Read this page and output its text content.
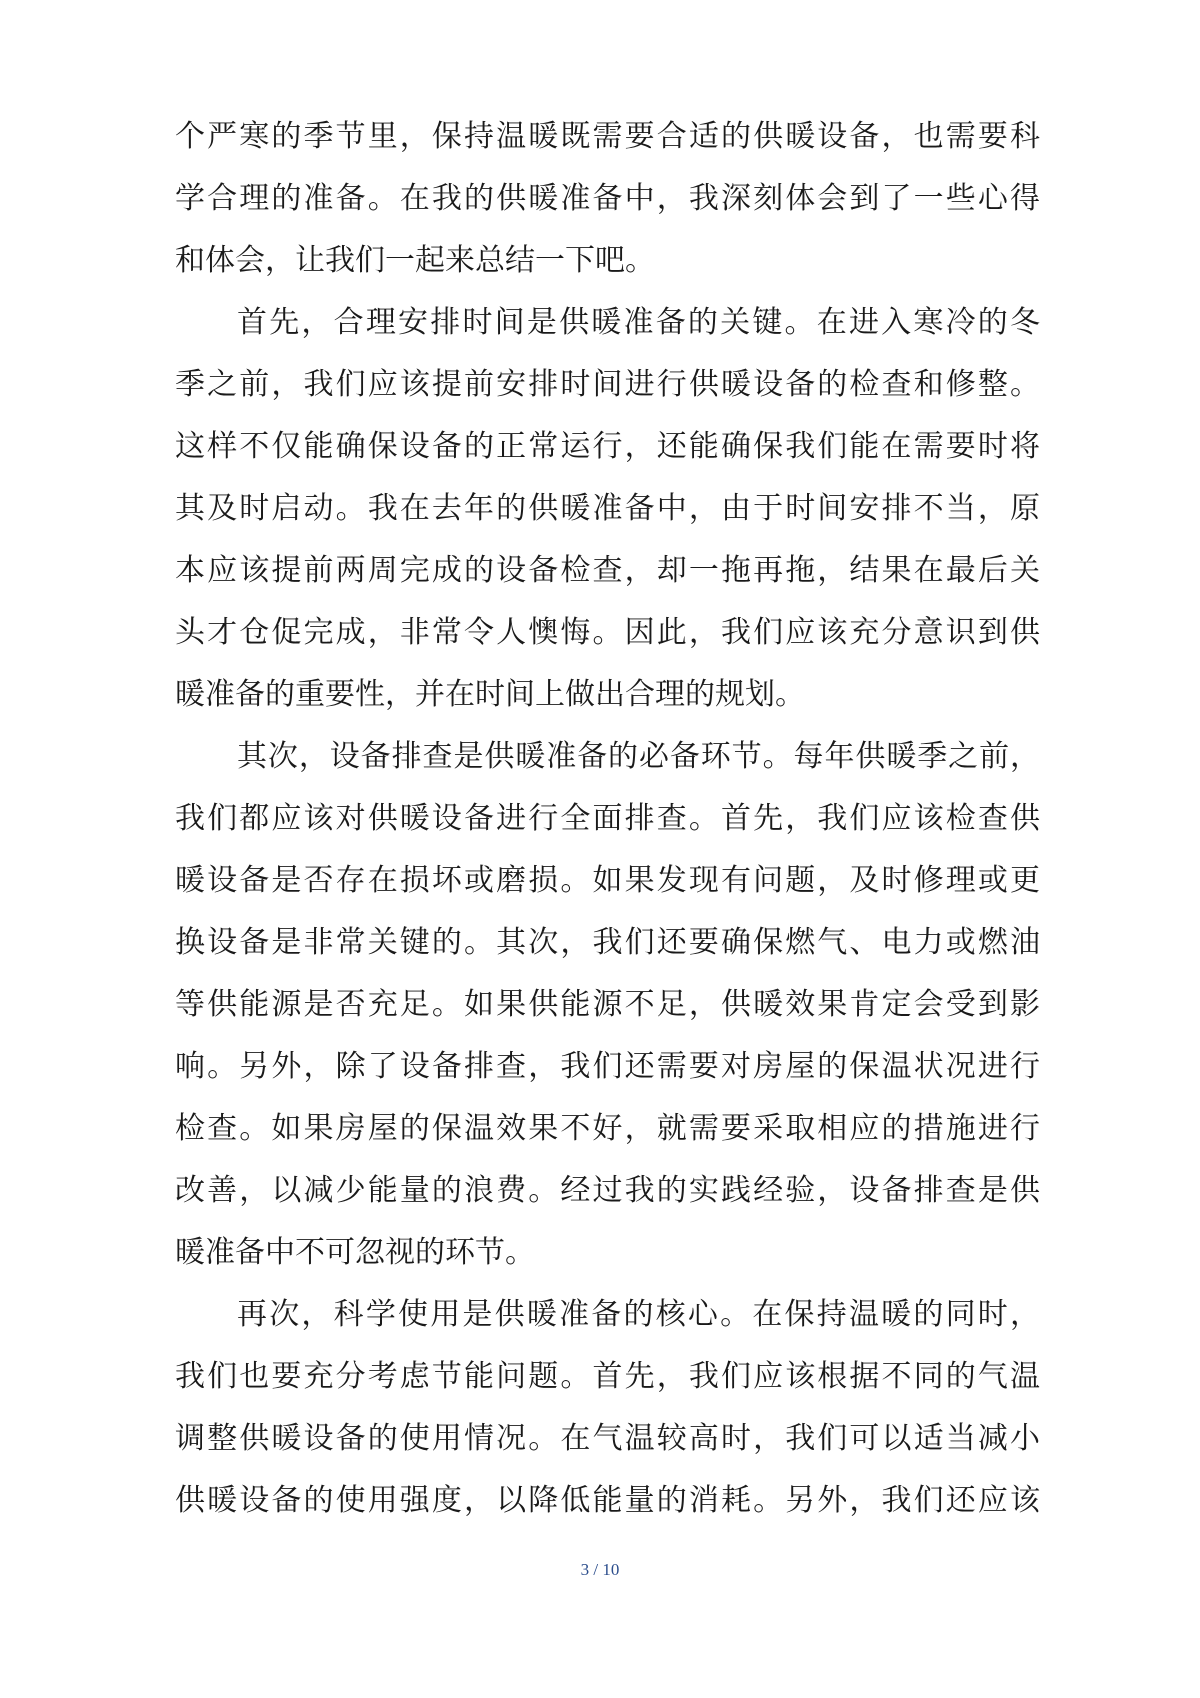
个严寒的季节里，保持温暖既需要合适的供暖设备，也需要科
学合理的准备。在我的供暖准备中，我深刻体会到了一些心得
和体会，让我们一起来总结一下吧。
首先，合理安排时间是供暖准备的关键。在进入寒冷的冬
季之前，我们应该提前安排时间进行供暖设备的检查和修整。
这样不仅能确保设备的正常运行，还能确保我们能在需要时将
其及时启动。我在去年的供暖准备中，由于时间安排不当，原
本应该提前两周完成的设备检查，却一拖再拖，结果在最后关
头才仓促完成，非常令人懊悔。因此，我们应该充分意识到供
暖准备的重要性，并在时间上做出合理的规划。
其次，设备排查是供暖准备的必备环节。每年供暖季之前，
我们都应该对供暖设备进行全面排查。首先，我们应该检查供
暖设备是否存在损坏或磨损。如果发现有问题，及时修理或更
换设备是非常关键的。其次，我们还要确保燃气、电力或燃油
等供能源是否充足。如果供能源不足，供暖效果肯定会受到影
响。另外，除了设备排查，我们还需要对房屋的保温状况进行
检查。如果房屋的保温效果不好，就需要采取相应的措施进行
改善，以减少能量的浪费。经过我的实践经验，设备排查是供
暖准备中不可忽视的环节。
再次，科学使用是供暖准备的核心。在保持温暖的同时，
我们也要充分考虑节能问题。首先，我们应该根据不同的气温
调整供暖设备的使用情况。在气温较高时，我们可以适当减小
供暖设备的使用强度，以降低能量的消耗。另外，我们还应该
3 / 10
